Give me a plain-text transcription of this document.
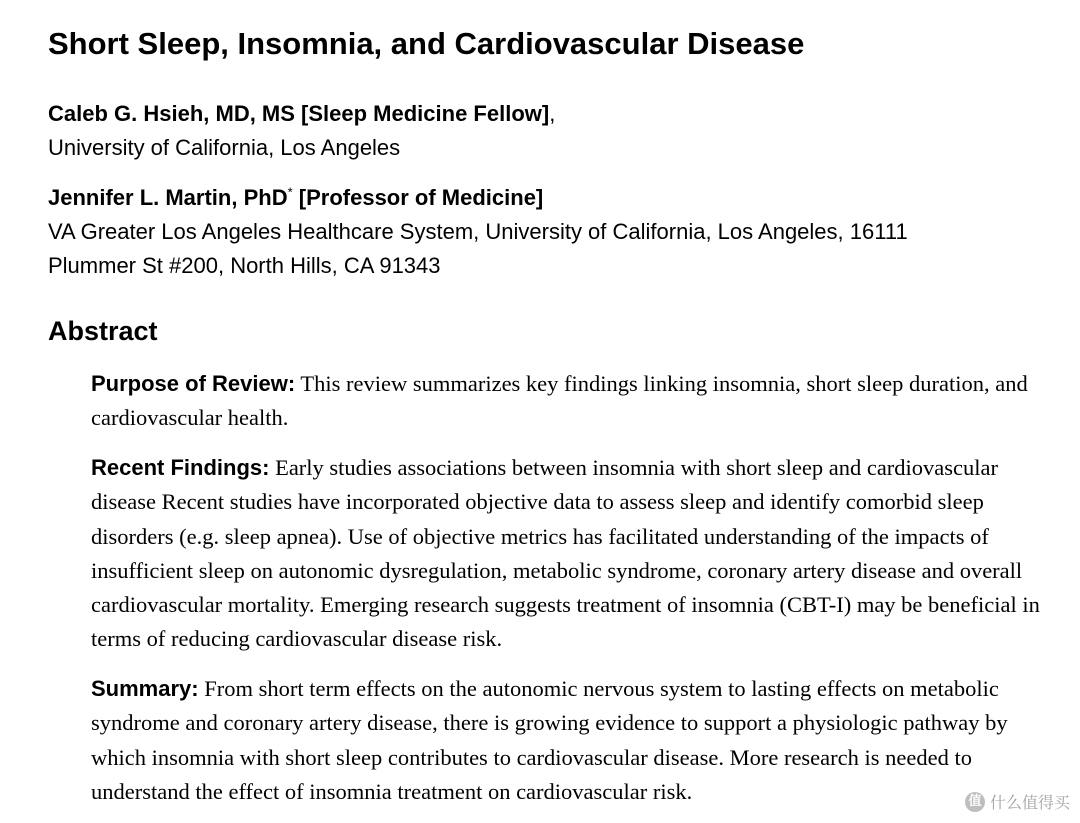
Short Sleep, Insomnia, and Cardiovascular Disease
Caleb G. Hsieh, MD, MS [Sleep Medicine Fellow],
University of California, Los Angeles
Jennifer L. Martin, PhD* [Professor of Medicine]
VA Greater Los Angeles Healthcare System, University of California, Los Angeles, 16111
Plummer St #200, North Hills, CA 91343
Abstract

Purpose of Review: This review summarizes key findings linking insomnia, short sleep duration, and cardiovascular health.

Recent Findings: Early studies associations between insomnia with short sleep and cardiovascular disease Recent studies have incorporated objective data to assess sleep and identify comorbid sleep disorders (e.g. sleep apnea). Use of objective metrics has facilitated understanding of the impacts of insufficient sleep on autonomic dysregulation, metabolic syndrome, coronary artery disease and overall cardiovascular mortality. Emerging research suggests treatment of insomnia (CBT-I) may be beneficial in terms of reducing cardiovascular disease risk.

Summary: From short term effects on the autonomic nervous system to lasting effects on metabolic syndrome and coronary artery disease, there is growing evidence to support a physiologic pathway by which insomnia with short sleep contributes to cardiovascular disease. More research is needed to understand the effect of insomnia treatment on cardiovascular risk.	值 什么值得买
